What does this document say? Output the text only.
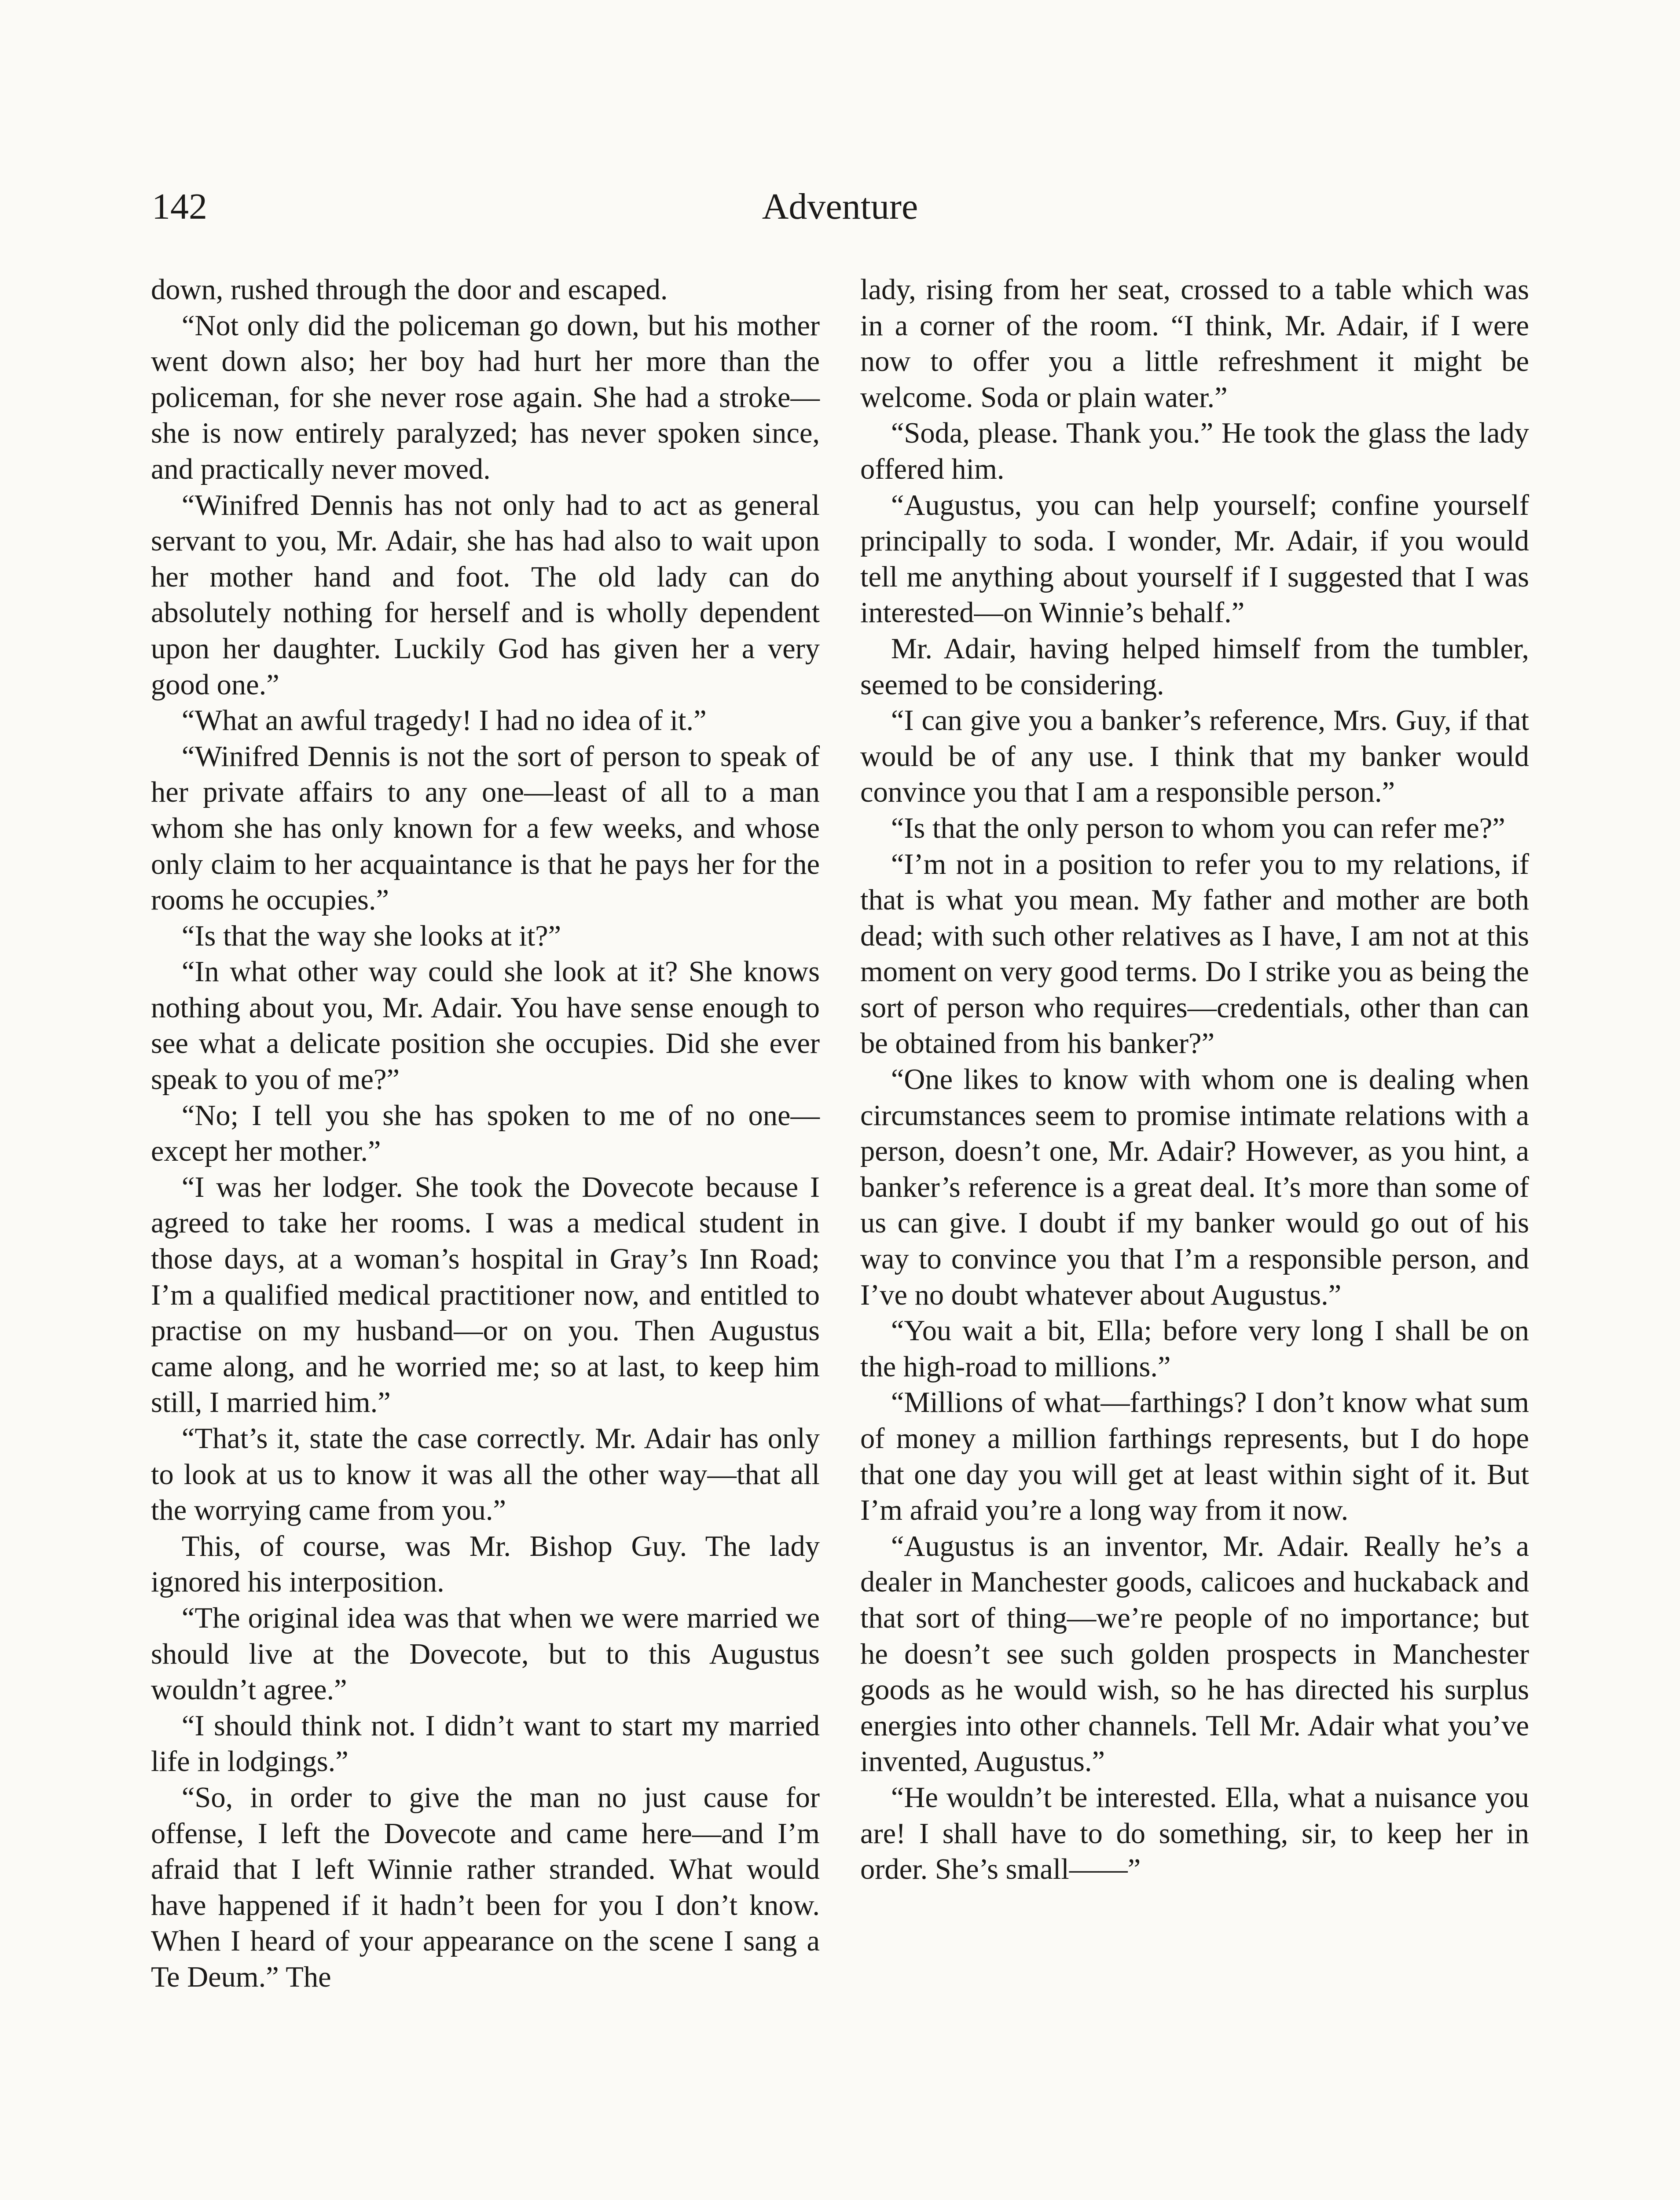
142	Adventure

down, rushed through the door and escaped.

“Not only did the policeman go down, but his mother went down also; her boy had hurt her more than the policeman, for she never rose again. She had a stroke—she is now entirely paralyzed; has never spoken since, and practically never moved.

“Winifred Dennis has not only had to act as general servant to you, Mr. Adair, she has had also to wait upon her mother hand and foot. The old lady can do absolutely nothing for herself and is wholly dependent upon her daughter. Luckily God has given her a very good one.”

“What an awful tragedy! I had no idea of it.”

“Winifred Dennis is not the sort of person to speak of her private affairs to any one—least of all to a man whom she has only known for a few weeks, and whose only claim to her acquaintance is that he pays her for the rooms he occupies.”

“Is that the way she looks at it?”

“In what other way could she look at it? She knows nothing about you, Mr. Adair. You have sense enough to see what a delicate position she occupies. Did she ever speak to you of me?”

“No; I tell you she has spoken to me of no one—except her mother.”

“I was her lodger. She took the Dovecote because I agreed to take her rooms. I was a medical student in those days, at a woman’s hospital in Gray’s Inn Road; I’m a qualified medical practitioner now, and entitled to practise on my husband—or on you. Then Augustus came along, and he worried me; so at last, to keep him still, I married him.”

“That’s it, state the case correctly. Mr. Adair has only to look at us to know it was all the other way—that all the worrying came from you.”

This, of course, was Mr. Bishop Guy. The lady ignored his interposition.

“The original idea was that when we were married we should live at the Dovecote, but to this Augustus wouldn’t agree.”

“I should think not. I didn’t want to start my married life in lodgings.”

“So, in order to give the man no just cause for offense, I left the Dovecote and came here—and I’m afraid that I left Winnie rather stranded. What would have happened if it hadn’t been for you I don’t know. When I heard of your appearance on the scene I sang a Te Deum.” The

lady, rising from her seat, crossed to a table which was in a corner of the room. “I think, Mr. Adair, if I were now to offer you a little refreshment it might be welcome. Soda or plain water.”

“Soda, please. Thank you.” He took the glass the lady offered him.

“Augustus, you can help yourself; confine yourself principally to soda. I wonder, Mr. Adair, if you would tell me anything about yourself if I suggested that I was interested—on Winnie’s behalf.”

Mr. Adair, having helped himself from the tumbler, seemed to be considering.

“I can give you a banker’s reference, Mrs. Guy, if that would be of any use. I think that my banker would convince you that I am a responsible person.”

“Is that the only person to whom you can refer me?”

“I’m not in a position to refer you to my relations, if that is what you mean. My father and mother are both dead; with such other relatives as I have, I am not at this moment on very good terms. Do I strike you as being the sort of person who requires—credentials, other than can be obtained from his banker?”

“One likes to know with whom one is dealing when circumstances seem to promise intimate relations with a person, doesn’t one, Mr. Adair? However, as you hint, a banker’s reference is a great deal. It’s more than some of us can give. I doubt if my banker would go out of his way to convince you that I’m a responsible person, and I’ve no doubt whatever about Augustus.”

“You wait a bit, Ella; before very long I shall be on the high-road to millions.”

“Millions of what—farthings? I don’t know what sum of money a million farthings represents, but I do hope that one day you will get at least within sight of it. But I’m afraid you’re a long way from it now.

“Augustus is an inventor, Mr. Adair. Really he’s a dealer in Manchester goods, calicoes and huckaback and that sort of thing—we’re people of no importance; but he doesn’t see such golden prospects in Manchester goods as he would wish, so he has directed his surplus energies into other channels. Tell Mr. Adair what you’ve invented, Augustus.”

“He wouldn’t be interested. Ella, what a nuisance you are! I shall have to do something, sir, to keep her in order. She’s small——”
